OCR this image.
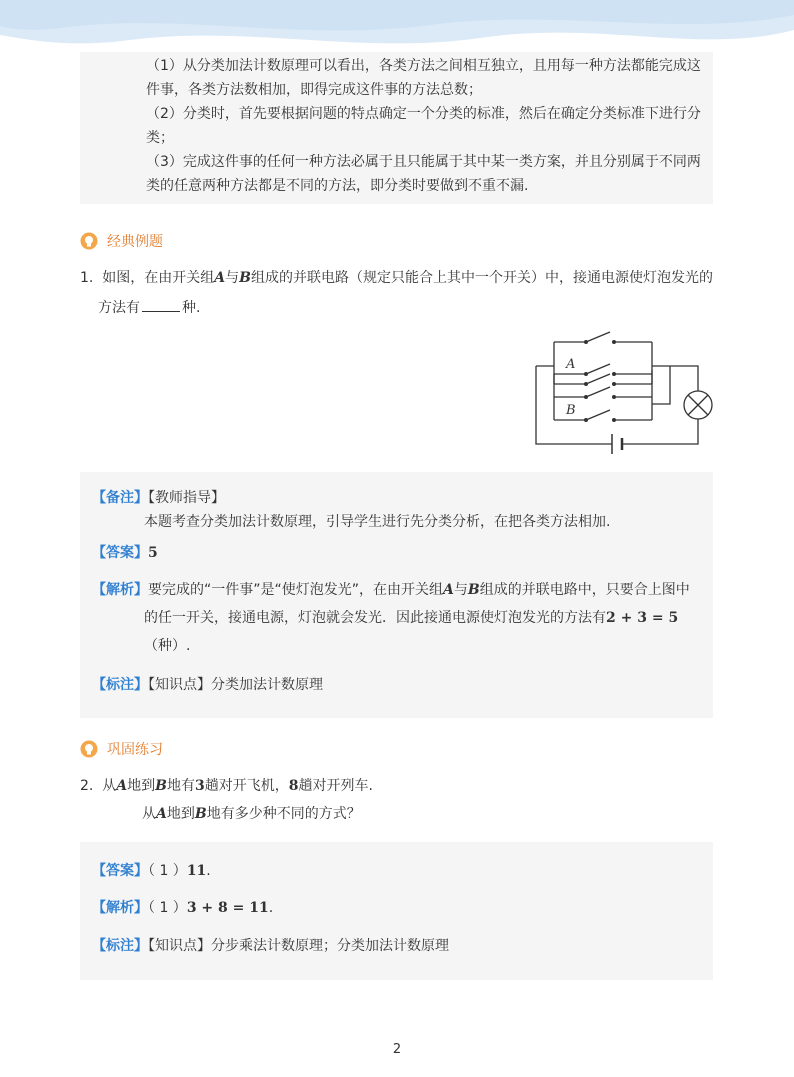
（1）从分类加法计数原理可以看出，各类方法之间相互独立，且用每一种方法都能完成这
件事，各类方法数相加，即得完成这件事的方法总数；
（2）分类时，首先要根据问题的特点确定一个分类的标准，然后在确定分类标准下进行分
类；
（3）完成这件事的任何一种方法必属于且只能属于其中某一类方案，并且分别属于不同两
类的任意两种方法都是不同的方法，即分类时要做到不重不漏.
经典例题
1. 如图，在由开关组A与B组成的并联电路（规定只能合上其中一个开关）中，接通电源使灯泡发光的
方法有	种.
A
B
【备注】【教师指导】
本题考查分类加法计数原理，引导学生进行先分类分析，在把各类方法相加.
【答案】5
【解析】要完成的“一件事”是“使灯泡发光”，在由开关组A与B组成的并联电路中，只要合上图中
的任一开关，接通电源，灯泡就会发光．因此接通电源使灯泡发光的方法有2 + 3 = 5
（种）.
【标注】【知识点】分类加法计数原理
巩固练习
2. 从A地到B地有3趟对开飞机，8趟对开列车.
从A地到B地有多少种不同的方式？
【答案】（ 1 ）11.
【解析】（ 1 ）3 + 8 = 11.
【标注】【知识点】分步乘法计数原理；分类加法计数原理
2
